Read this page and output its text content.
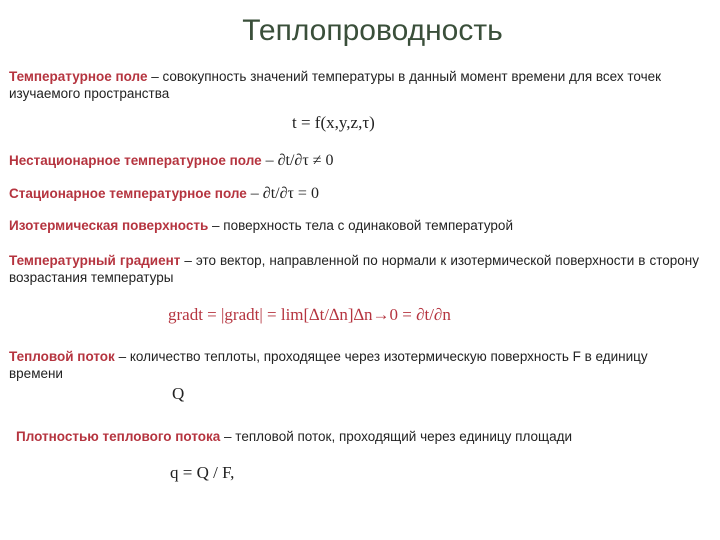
Теплопроводность
Температурное поле – совокупность значений температуры в данный момент времени для всех точек изучаемого пространства
t = f(x,y,z,τ)
Нестационарное температурное поле – ∂t/∂τ ≠ 0
Стационарное температурное поле – ∂t/∂τ = 0
Изотермическая поверхность – поверхность тела с одинаковой температурой
Температурный градиент – это вектор, направленной по нормали к изотермической поверхности в сторону возрастания температуры
gradt = |gradt| = lim[∆t/∆n]∆n→0 = ∂t/∂n
Тепловой поток – количество теплоты, проходящее через изотермическую поверхность F в единицу времени
Q
Плотностью теплового потока – тепловой поток, проходящий через единицу площади
q = Q / F,
